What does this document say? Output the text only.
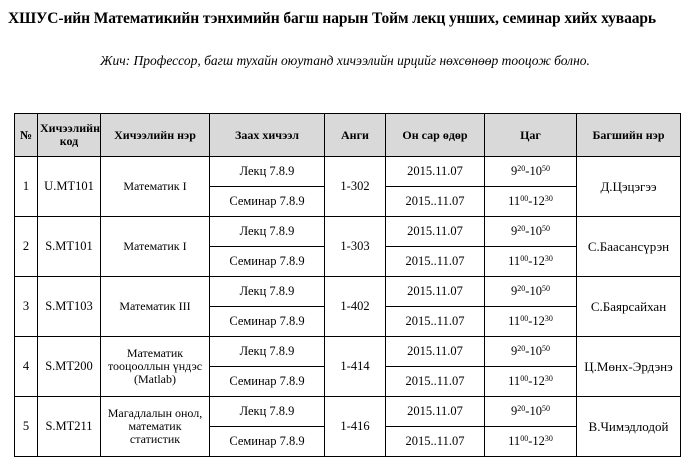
ХШУС-ийн Математикийн тэнхимийн багш нарын Тойм лекц унших, семинар хийх хуваарь
Жич: Профессор, багш тухайн оюутанд хичээлийн ирцийг нөхсөнөөр тооцож болно.
№	Хичээлийн код	Хичээлийн нэр	Заах хичээл	Анги	Он сар өдөр	Цаг	Багшийн нэр
1	U.MT101	Математик I	Лекц 7.8.9	1-302	2015.11.07	$9^{20}-10^{50}$	Д.Цэцэгээ
			Семинар 7.8.9		2015..11.07	$11^{00}-12^{30}$
2	S.MT101	Математик I	Лекц 7.8.9	1-303	2015.11.07	$9^{20}-10^{50}$	С.Баасансүрэн
			Семинар 7.8.9		2015..11.07	$11^{00}-12^{30}$
3	S.MT103	Математик III	Лекц 7.8.9	1-402	2015.11.07	$9^{20}-10^{50}$	С.Баярсайхан
			Семинар 7.8.9		2015..11.07	$11^{00}-12^{30}$
4	S.MT200	Математик тооцооллын үндэс (Matlab)	Лекц 7.8.9	1-414	2015.11.07	$9^{20}-10^{50}$	Ц.Мөнх-Эрдэнэ
			Семинар 7.8.9		2015..11.07	$11^{00}-12^{30}$
5	S.MT211	Магадлалын онол, математик статистик	Лекц 7.8.9	1-416	2015.11.07	$9^{20}-10^{50}$	В.Чимэдлодой
			Семинар 7.8.9		2015..11.07	$11^{00}-12^{30}$
